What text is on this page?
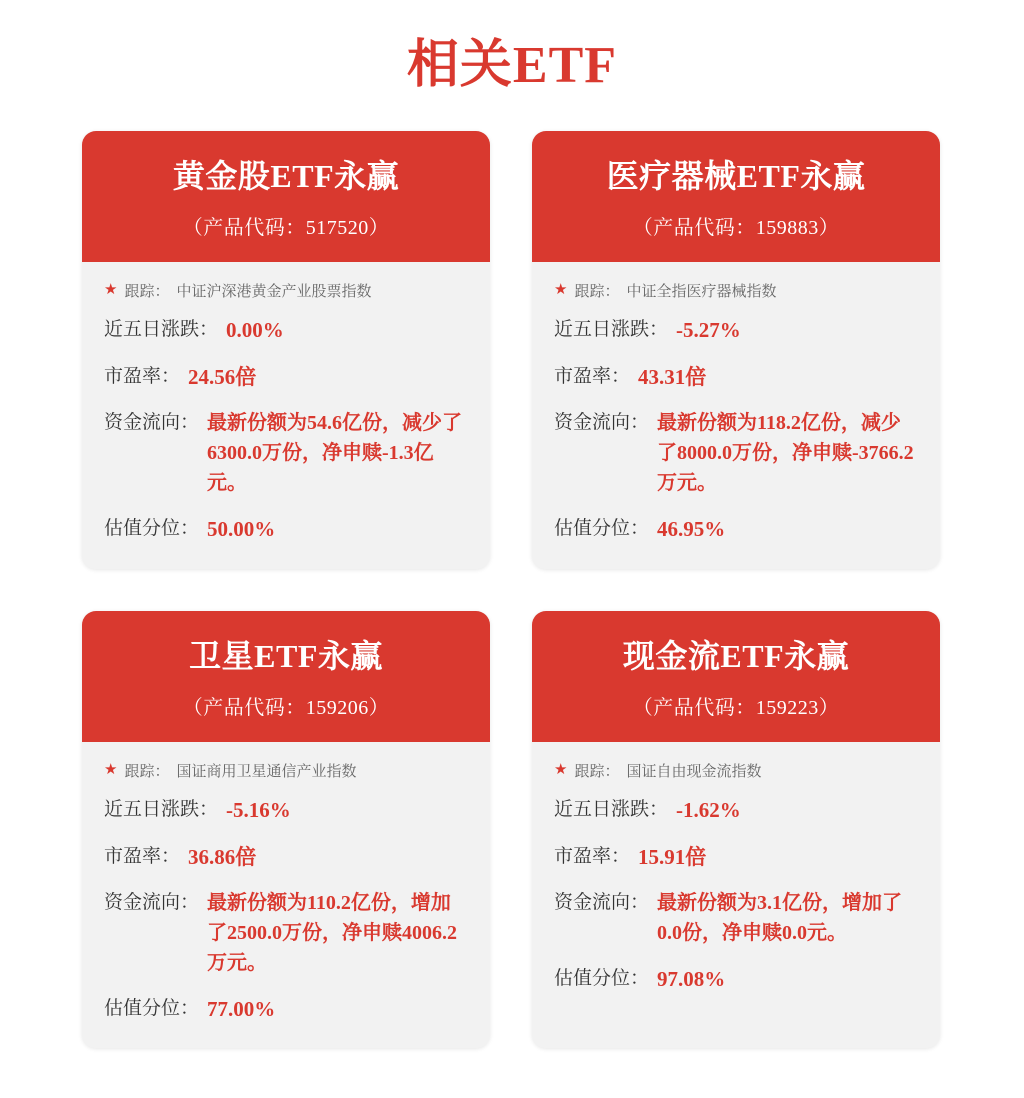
相关ETF
黄金股ETF永赢
（产品代码：517520）
★ 跟踪： 中证沪深港黄金产业股票指数
近五日涨跌： 0.00%
市盈率： 24.56倍
资金流向： 最新份额为54.6亿份，减少了6300.0万份，净申赎-1.3亿元。
估值分位： 50.00%
医疗器械ETF永赢
（产品代码：159883）
★ 跟踪： 中证全指医疗器械指数
近五日涨跌： -5.27%
市盈率： 43.31倍
资金流向： 最新份额为118.2亿份，减少了8000.0万份，净申赎-3766.2万元。
估值分位： 46.95%
卫星ETF永赢
（产品代码：159206）
★ 跟踪： 国证商用卫星通信产业指数
近五日涨跌： -5.16%
市盈率： 36.86倍
资金流向： 最新份额为110.2亿份，增加了2500.0万份，净申赎4006.2万元。
估值分位： 77.00%
现金流ETF永赢
（产品代码：159223）
★ 跟踪： 国证自由现金流指数
近五日涨跌： -1.62%
市盈率： 15.91倍
资金流向： 最新份额为3.1亿份，增加了0.0份，净申赎0.0元。
估值分位： 97.08%
